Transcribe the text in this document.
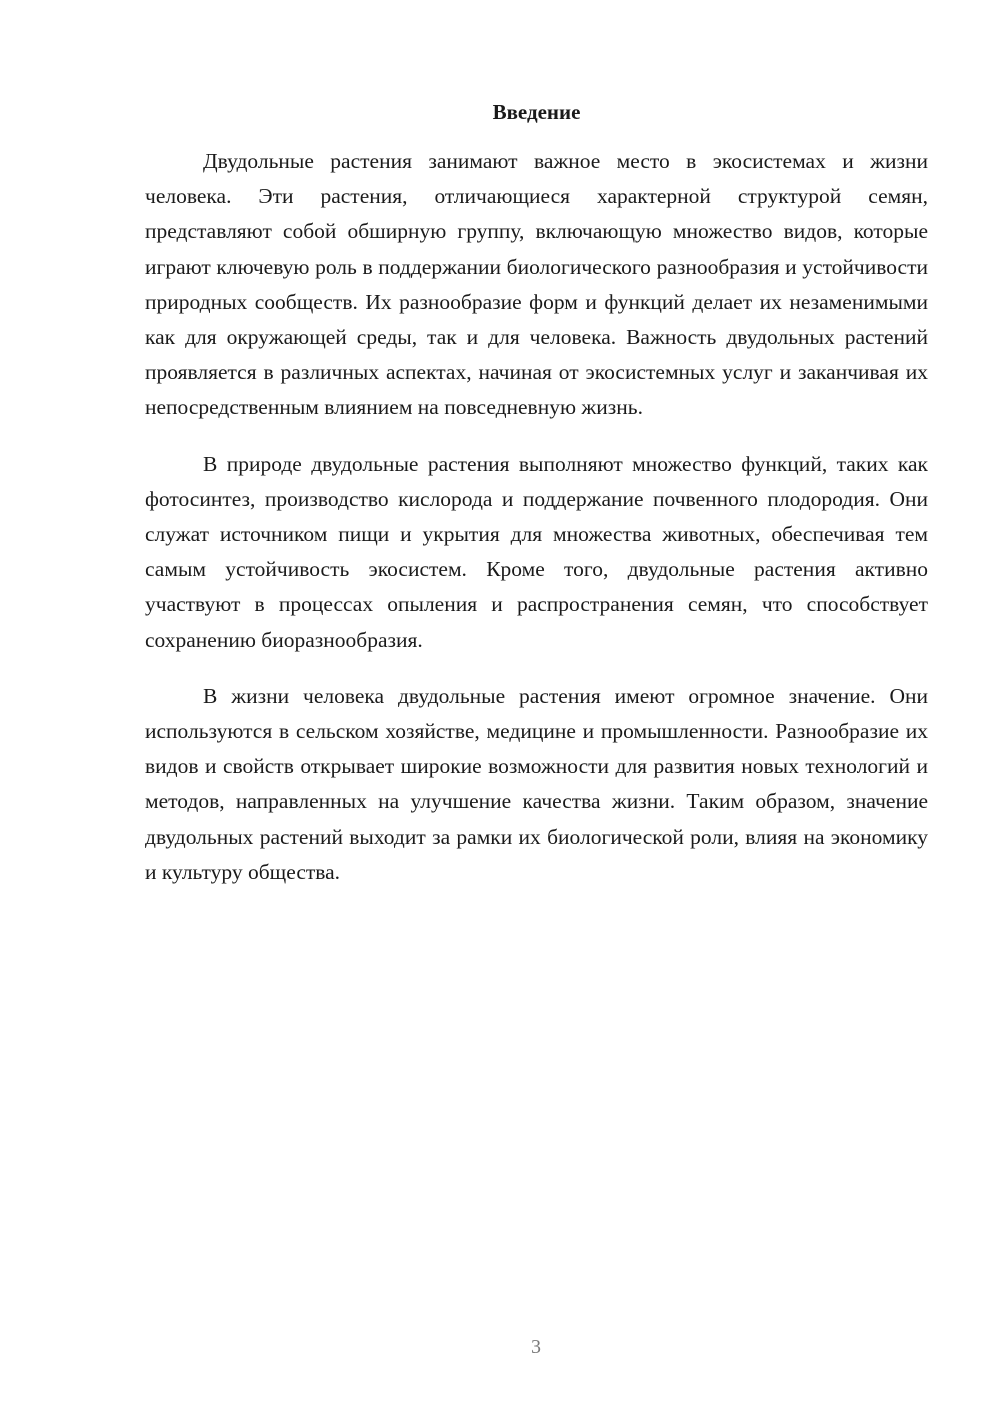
Введение

Двудольные растения занимают важное место в экосистемах и жизни человека. Эти растения, отличающиеся характерной структурой семян, представляют собой обширную группу, включающую множество видов, которые играют ключевую роль в поддержании биологического разнообразия и устойчивости природных сообществ. Их разнообразие форм и функций делает их незаменимыми как для окружающей среды, так и для человека. Важность двудольных растений проявляется в различных аспектах, начиная от экосистемных услуг и заканчивая их непосредственным влиянием на повседневную жизнь.

В природе двудольные растения выполняют множество функций, таких как фотосинтез, производство кислорода и поддержание почвенного плодородия. Они служат источником пищи и укрытия для множества животных, обеспечивая тем самым устойчивость экосистем. Кроме того, двудольные растения активно участвуют в процессах опыления и распространения семян, что способствует сохранению биоразнообразия.

В жизни человека двудольные растения имеют огромное значение. Они используются в сельском хозяйстве, медицине и промышленности. Разнообразие их видов и свойств открывает широкие возможности для развития новых технологий и методов, направленных на улучшение качества жизни. Таким образом, значение двудольных растений выходит за рамки их биологической роли, влияя на экономику и культуру общества.

3
